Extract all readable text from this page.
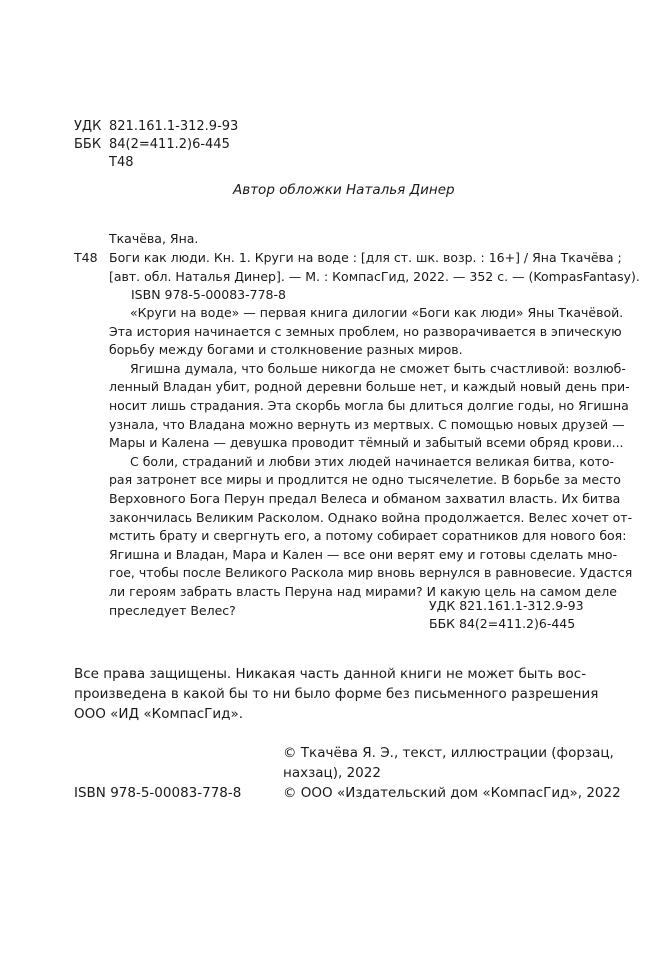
УДК 821.161.1-312.9-93
ББК 84(2=411.2)6-445
Т48
Автор обложки Наталья Динер
Ткачёва, Яна.
Т48 Боги как люди. Кн. 1. Круги на воде : [для ст. шк. возр. : 16+] / Яна Ткачёва ;
[авт. обл. Наталья Динер]. — М. : КомпасГид, 2022. — 352 с. — (KompasFantasy).
ISBN 978-5-00083-778-8
«Круги на воде» — первая книга дилогии «Боги как люди» Яны Ткачёвой.
Эта история начинается с земных проблем, но разворачивается в эпическую
борьбу между богами и столкновение разных миров.
Ягишна думала, что больше никогда не сможет быть счастливой: возлюб-
ленный Владан убит, родной деревни больше нет, и каждый новый день при-
носит лишь страдания. Эта скорбь могла бы длиться долгие годы, но Ягишна
узнала, что Владана можно вернуть из мертвых. С помощью новых друзей —
Мары и Калена — девушка проводит тёмный и забытый всеми обряд крови...
С боли, страданий и любви этих людей начинается великая битва, кото-
рая затронет все миры и продлится не одно тысячелетие. В борьбе за место
Верховного Бога Перун предал Велеса и обманом захватил власть. Их битва
закончилась Великим Расколом. Однако война продолжается. Велес хочет от-
мстить брату и свергнуть его, а потому собирает соратников для нового боя:
Ягишна и Владан, Мара и Кален — все они верят ему и готовы сделать мно-
гое, чтобы после Великого Раскола мир вновь вернулся в равновесие. Удастся
ли героям забрать власть Перуна над мирами? И какую цель на самом деле
преследует Велес?	УДК 821.161.1-312.9-93
ББК 84(2=411.2)6-445
Все права защищены. Никакая часть данной книги не может быть вос-
произведена в какой бы то ни было форме без письменного разрешения
ООО «ИД «КомпасГид».
© Ткачёва Я. Э., текст, иллюстрации (форзац,
нахзац), 2022
© ООО «Издательский дом «КомпасГид», 2022
ISBN 978-5-00083-778-8
